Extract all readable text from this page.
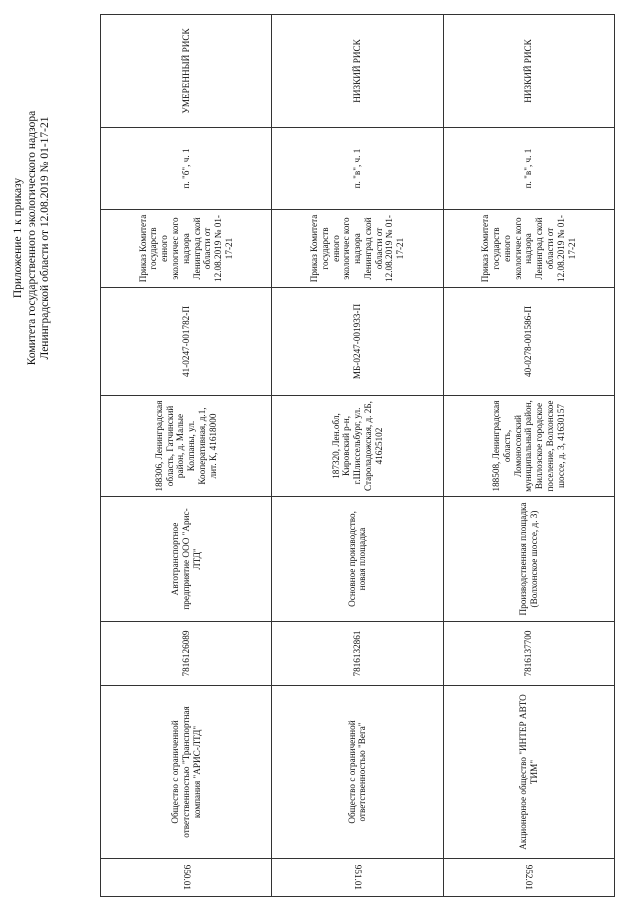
Приложение 1 к приказу Комитета государственного экологического надзора Ленинградской области от 12.08.2019 № 01-17-21
950.01	Общество с ограниченной ответственностью "Транспортная компания "АРИС-ЛТД"	7816126089	Автотранспортное предприятие ООО "Арис-ЛТД"	188306, Ленинградская область, Гатчинский район, д. Малые Колпаны, ул. Кооперативная, д.1, лит. К, 41618000	41-0247-001782-П	Приказ Комитета государств енного экологичес кого надзора Ленинград ской области от 12.08.2019 № 01-17-21	п. "б", ч. 1	УМЕРЕННЫЙ РИСК
951.01	Общество с ограниченной ответственностью "Вега"	7816132861	Основное производство, новая площадка	187320, Лен.обл, Кировский р-н, г.Шлиссельбург, ул. Староладожская, д. 2Б, 41625102	МБ-0247-001933-П	Приказ Комитета государств енного экологичес кого надзора Ленинград ской области от 12.08.2019 № 01-17-21	п. "в", ч. 1	НИЗКИЙ РИСК
952.01	Акционерное общество "ИНТЕР АВТО ТИМ"	7816137700	Производственная площадка (Волхонское шоссе, д. 3)	188508, Ленинградская область, Ломоносовский муниципальный район, Виллозское городское поселение, Волхонское шоссе, д. 3, 41630157	40-0278-001586-П	Приказ Комитета государств енного экологичес кого надзора Ленинград ской области от 12.08.2019 № 01-17-21	п. "в", ч. 1	НИЗКИЙ РИСК
